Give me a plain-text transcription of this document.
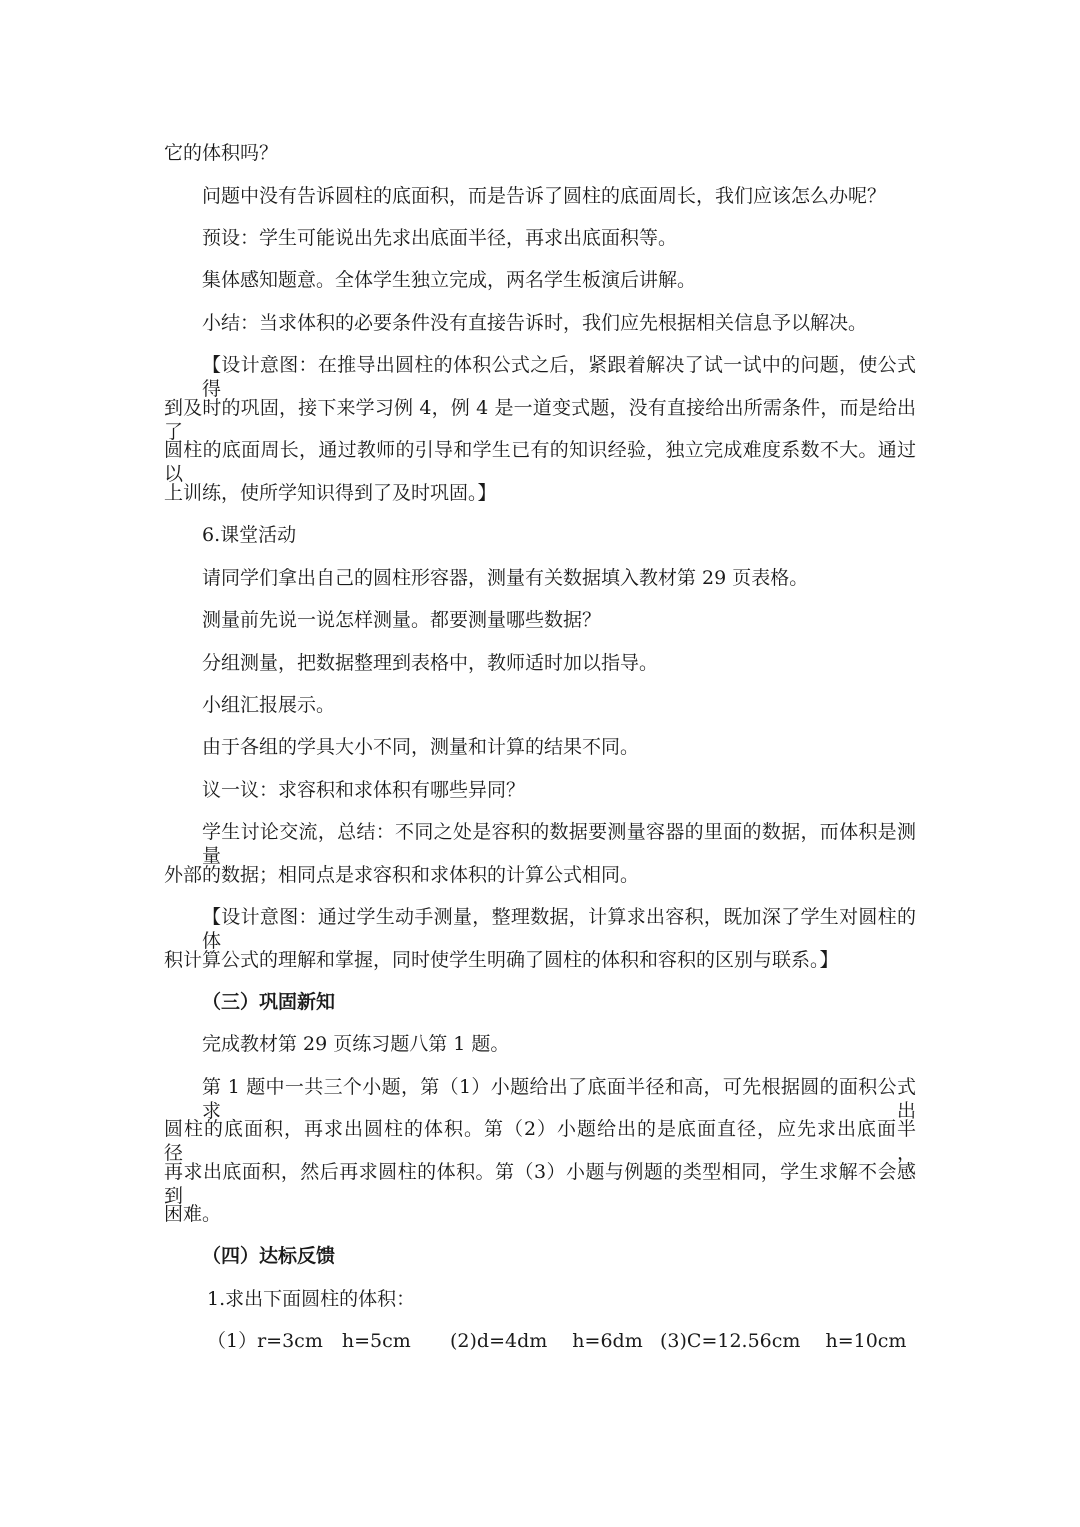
它的体积吗？
问题中没有告诉圆柱的底面积，而是告诉了圆柱的底面周长，我们应该怎么办呢？
预设：学生可能说出先求出底面半径，再求出底面积等。
集体感知题意。全体学生独立完成，两名学生板演后讲解。
小结：当求体积的必要条件没有直接告诉时，我们应先根据相关信息予以解决。
【设计意图：在推导出圆柱的体积公式之后，紧跟着解决了试一试中的问题，使公式得
到及时的巩固，接下来学习例 4，例 4 是一道变式题，没有直接给出所需条件，而是给出了
圆柱的底面周长，通过教师的引导和学生已有的知识经验，独立完成难度系数不大。通过以
上训练，使所学知识得到了及时巩固。】
6.课堂活动
请同学们拿出自己的圆柱形容器，测量有关数据填入教材第 29 页表格。
测量前先说一说怎样测量。都要测量哪些数据？
分组测量，把数据整理到表格中，教师适时加以指导。
小组汇报展示。
由于各组的学具大小不同，测量和计算的结果不同。
议一议：求容积和求体积有哪些异同？
学生讨论交流，总结：不同之处是容积的数据要测量容器的里面的数据，而体积是测量
外部的数据；相同点是求容积和求体积的计算公式相同。
【设计意图：通过学生动手测量，整理数据，计算求出容积，既加深了学生对圆柱的体
积计算公式的理解和掌握，同时使学生明确了圆柱的体积和容积的区别与联系。】
（三）巩固新知
完成教材第 29 页练习题八第 1 题。
第 1 题中一共三个小题，第（1）小题给出了底面半径和高，可先根据圆的面积公式求出
圆柱的底面积，再求出圆柱的体积。第（2）小题给出的是底面直径，应先求出底面半径，
再求出底面积，然后再求圆柱的体积。第（3）小题与例题的类型相同，学生求解不会感到
困难。
（四）达标反馈
1.求出下面圆柱的体积：
（1）r=3cm　h=5cm (2)d=4dm　 h=6dm (3)C=12.56cm　 h=10cm
